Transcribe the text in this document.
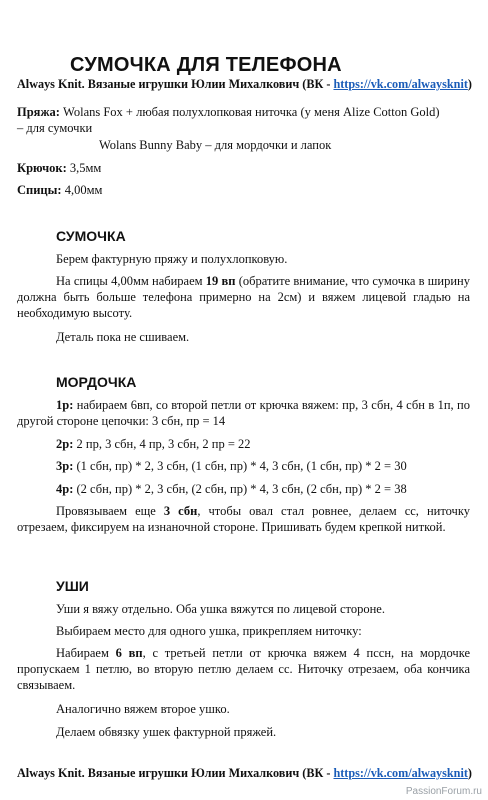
СУМОЧКА ДЛЯ ТЕЛЕФОНА
Always Knit. Вязаные игрушки Юлии Михалкович (ВК - https://vk.com/alwaysknit)
Пряжа: Wolans Fox + любая полухлопковая ниточка (у меня Alize Cotton Gold)
– для сумочки
Wolans Bunny Baby – для мордочки и лапок
Крючок: 3,5мм
Спицы: 4,00мм
СУМОЧКА
Берем фактурную пряжу и полухлопковую.
На спицы 4,00мм набираем 19 вп (обратите внимание, что сумочка в ширину должна быть больше телефона примерно на 2см) и вяжем лицевой гладью на необходимую высоту.
Деталь пока не сшиваем.
МОРДОЧКА
1р: набираем 6вп, со второй петли от крючка вяжем: пр, 3 сбн, 4 сбн в 1п, по другой стороне цепочки: 3 сбн, пр = 14
2р: 2 пр, 3 сбн, 4 пр, 3 сбн, 2 пр = 22
3р: (1 сбн, пр) * 2, 3 сбн, (1 сбн, пр) * 4, 3 сбн, (1 сбн, пр) * 2 = 30
4р: (2 сбн, пр) * 2, 3 сбн, (2 сбн, пр) * 4, 3 сбн, (2 сбн, пр) * 2 = 38
Провязываем еще 3 сбн, чтобы овал стал ровнее, делаем сс, ниточку отрезаем, фиксируем на изнаночной стороне. Пришивать будем крепкой ниткой.
УШИ
Уши я вяжу отдельно. Оба ушка вяжутся по лицевой стороне.
Выбираем место для одного ушка, прикрепляем ниточку:
Набираем 6 вп, с третьей петли от крючка вяжем 4 пссн, на мордочке пропускаем 1 петлю, во вторую петлю делаем сс. Ниточку отрезаем, оба кончика связываем.
Аналогично вяжем второе ушко.
Делаем обвязку ушек фактурной пряжей.
Always Knit. Вязаные игрушки Юлии Михалкович (ВК - https://vk.com/alwaysknit)
PassionForum.ru
